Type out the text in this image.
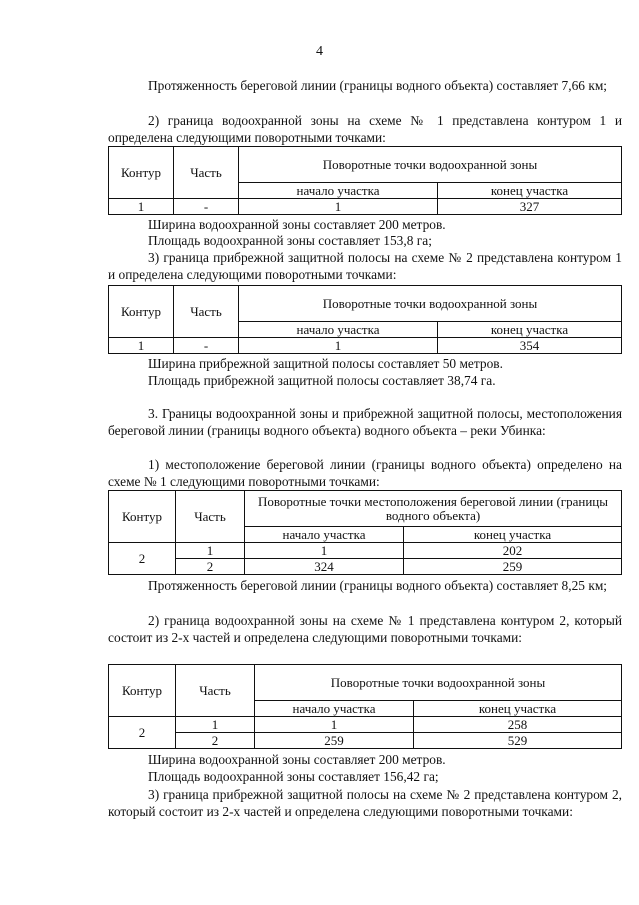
4
Протяженность береговой линии (границы водного объекта) составляет 7,66 км;
2) граница водоохранной зоны на схеме № 1 представлена контуром 1 и определена следующими поворотными точками:
Контур	Часть	Поворотные точки водоохранной зоны	
		начало участка	конец участка
1	-	1	327
Ширина водоохранной зоны составляет 200 метров.
Площадь водоохранной зоны составляет 153,8 га;
3) граница прибрежной защитной полосы на схеме № 2 представлена контуром 1 и определена следующими поворотными точками:
Контур	Часть	Поворотные точки водоохранной зоны	
		начало участка	конец участка
1	-	1	354
Ширина прибрежной защитной полосы составляет 50 метров.
Площадь прибрежной защитной полосы составляет 38,74 га.
3. Границы водоохранной зоны и прибрежной защитной полосы, местоположения береговой линии (границы водного объекта) водного объекта – реки Убинка:
1) местоположение береговой линии (границы водного объекта) определено на схеме № 1 следующими поворотными точками:
Контур	Часть	Поворотные точки местоположения береговой линии (границы водного объекта)	
		начало участка	конец участка
2	1	1	202
	2	324	259
Протяженность береговой линии (границы водного объекта) составляет 8,25 км;
2) граница водоохранной зоны на схеме № 1 представлена контуром 2, который состоит из 2-х частей и определена следующими поворотными точками:
Контур	Часть	Поворотные точки водоохранной зоны	
		начало участка	конец участка
2	1	1	258
	2	259	529
Ширина водоохранной зоны составляет 200 метров.
Площадь водоохранной зоны составляет 156,42 га;
3) граница прибрежной защитной полосы на схеме № 2 представлена контуром 2, который состоит из 2-х частей и определена следующими поворотными точками:
